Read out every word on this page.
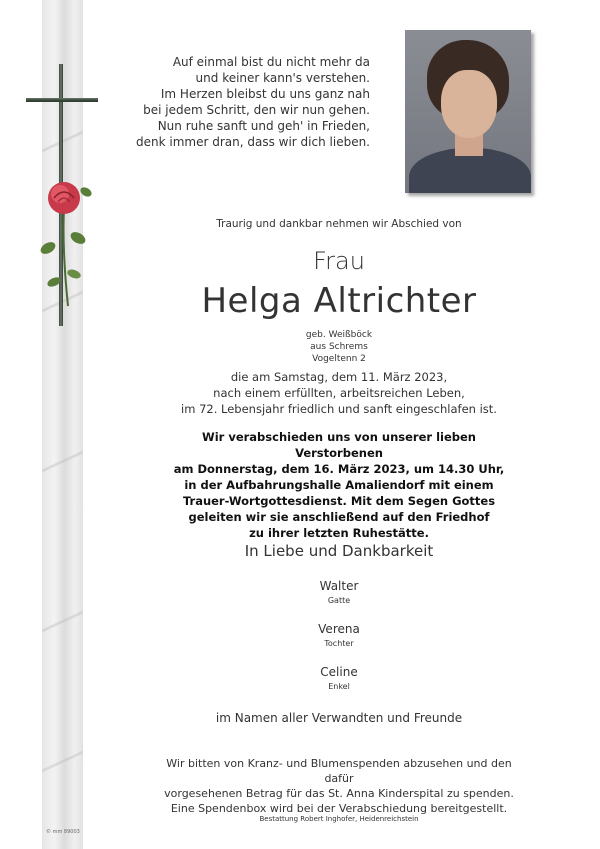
© mm 89003
Auf einmal bist du nicht mehr da
und keiner kann's verstehen.
Im Herzen bleibst du uns ganz nah
bei jedem Schritt, den wir nun gehen.
Nun ruhe sanft und geh' in Frieden,
denk immer dran, dass wir dich lieben.
Traurig und dankbar nehmen wir Abschied von
Frau
Helga Altrichter
geb. Weißböck
aus Schrems
Vogeltenn 2
die am Samstag, dem 11. März 2023,
nach einem erfüllten, arbeitsreichen Leben,
im 72. Lebensjahr friedlich und sanft eingeschlafen ist.
Wir verabschieden uns von unserer lieben Verstorbenen
am Donnerstag, dem 16. März 2023, um 14.30 Uhr,
in der Aufbahrungshalle Amaliendorf mit einem
Trauer-Wortgottesdienst. Mit dem Segen Gottes
geleiten wir sie anschließend auf den Friedhof
zu ihrer letzten Ruhestätte.
In Liebe und Dankbarkeit
Walter
Gatte
Verena
Tochter
Celine
Enkel
im Namen aller Verwandten und Freunde
Wir bitten von Kranz- und Blumenspenden abzusehen und den dafür
vorgesehenen Betrag für das St. Anna Kinderspital zu spenden.
Eine Spendenbox wird bei der Verabschiedung bereitgestellt.
Bestattung Robert Inghofer, Heidenreichstein
